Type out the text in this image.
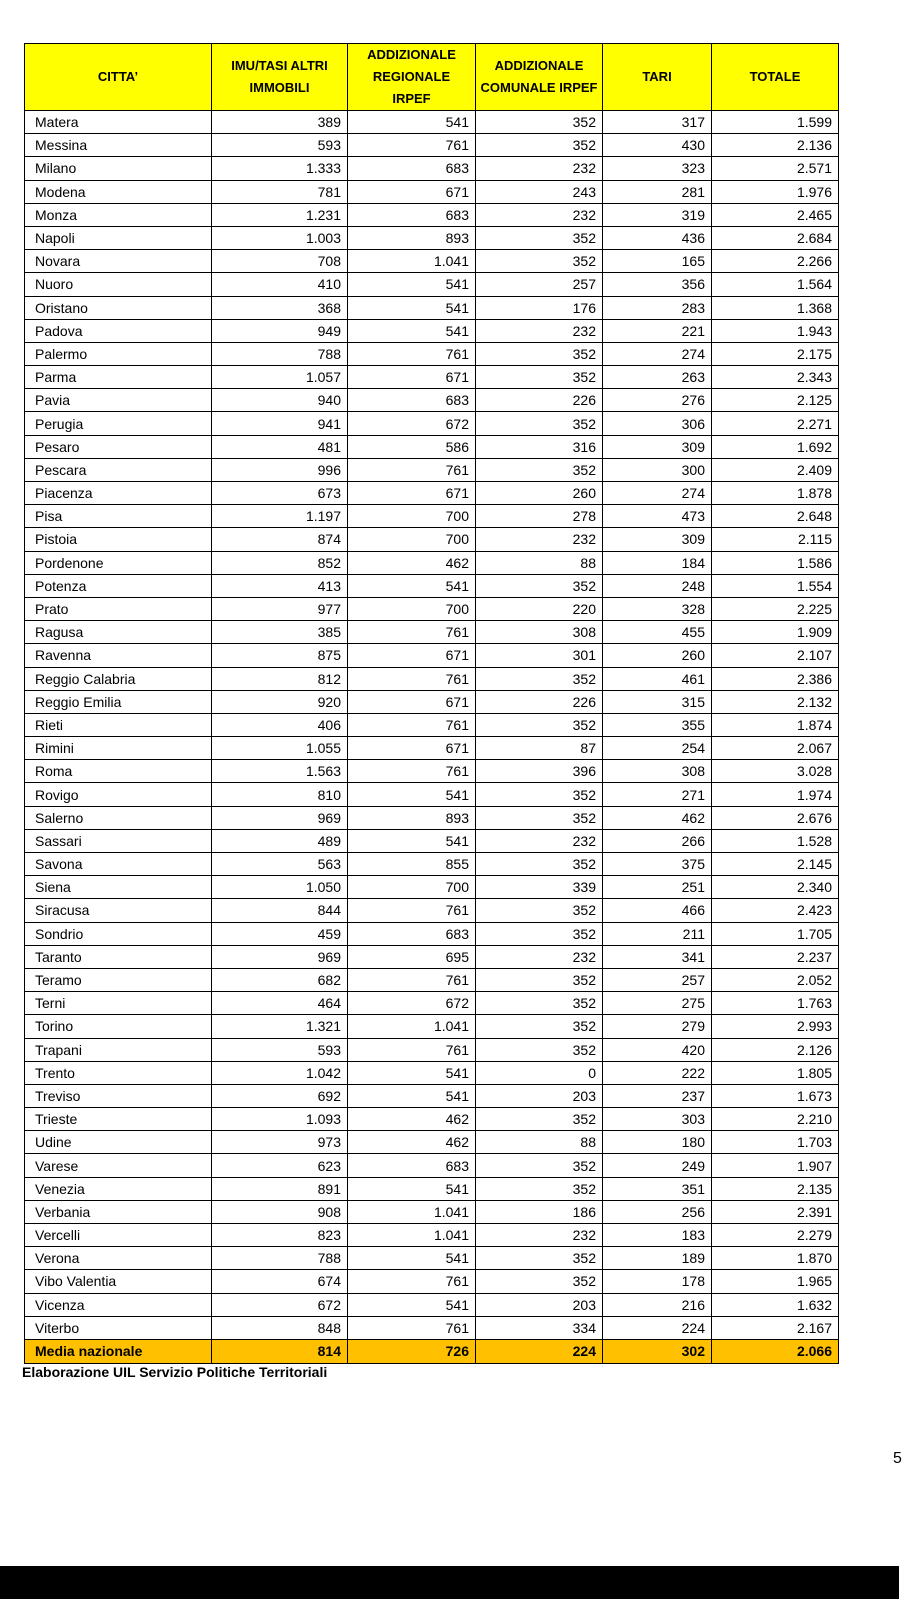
CITTA’	IMU/TASI ALTRI IMMOBILI	ADDIZIONALE REGIONALE IRPEF	ADDIZIONALE COMUNALE IRPEF	TARI	TOTALE
Matera	389	541	352	317	1.599
Messina	593	761	352	430	2.136
Milano	1.333	683	232	323	2.571
Modena	781	671	243	281	1.976
Monza	1.231	683	232	319	2.465
Napoli	1.003	893	352	436	2.684
Novara	708	1.041	352	165	2.266
Nuoro	410	541	257	356	1.564
Oristano	368	541	176	283	1.368
Padova	949	541	232	221	1.943
Palermo	788	761	352	274	2.175
Parma	1.057	671	352	263	2.343
Pavia	940	683	226	276	2.125
Perugia	941	672	352	306	2.271
Pesaro	481	586	316	309	1.692
Pescara	996	761	352	300	2.409
Piacenza	673	671	260	274	1.878
Pisa	1.197	700	278	473	2.648
Pistoia	874	700	232	309	2.115
Pordenone	852	462	88	184	1.586
Potenza	413	541	352	248	1.554
Prato	977	700	220	328	2.225
Ragusa	385	761	308	455	1.909
Ravenna	875	671	301	260	2.107
Reggio Calabria	812	761	352	461	2.386
Reggio Emilia	920	671	226	315	2.132
Rieti	406	761	352	355	1.874
Rimini	1.055	671	87	254	2.067
Roma	1.563	761	396	308	3.028
Rovigo	810	541	352	271	1.974
Salerno	969	893	352	462	2.676
Sassari	489	541	232	266	1.528
Savona	563	855	352	375	2.145
Siena	1.050	700	339	251	2.340
Siracusa	844	761	352	466	2.423
Sondrio	459	683	352	211	1.705
Taranto	969	695	232	341	2.237
Teramo	682	761	352	257	2.052
Terni	464	672	352	275	1.763
Torino	1.321	1.041	352	279	2.993
Trapani	593	761	352	420	2.126
Trento	1.042	541	0	222	1.805
Treviso	692	541	203	237	1.673
Trieste	1.093	462	352	303	2.210
Udine	973	462	88	180	1.703
Varese	623	683	352	249	1.907
Venezia	891	541	352	351	2.135
Verbania	908	1.041	186	256	2.391
Vercelli	823	1.041	232	183	2.279
Verona	788	541	352	189	1.870
Vibo Valentia	674	761	352	178	1.965
Vicenza	672	541	203	216	1.632
Viterbo	848	761	334	224	2.167
Media nazionale	814	726	224	302	2.066
Elaborazione UIL Servizio Politiche Territoriali
5
